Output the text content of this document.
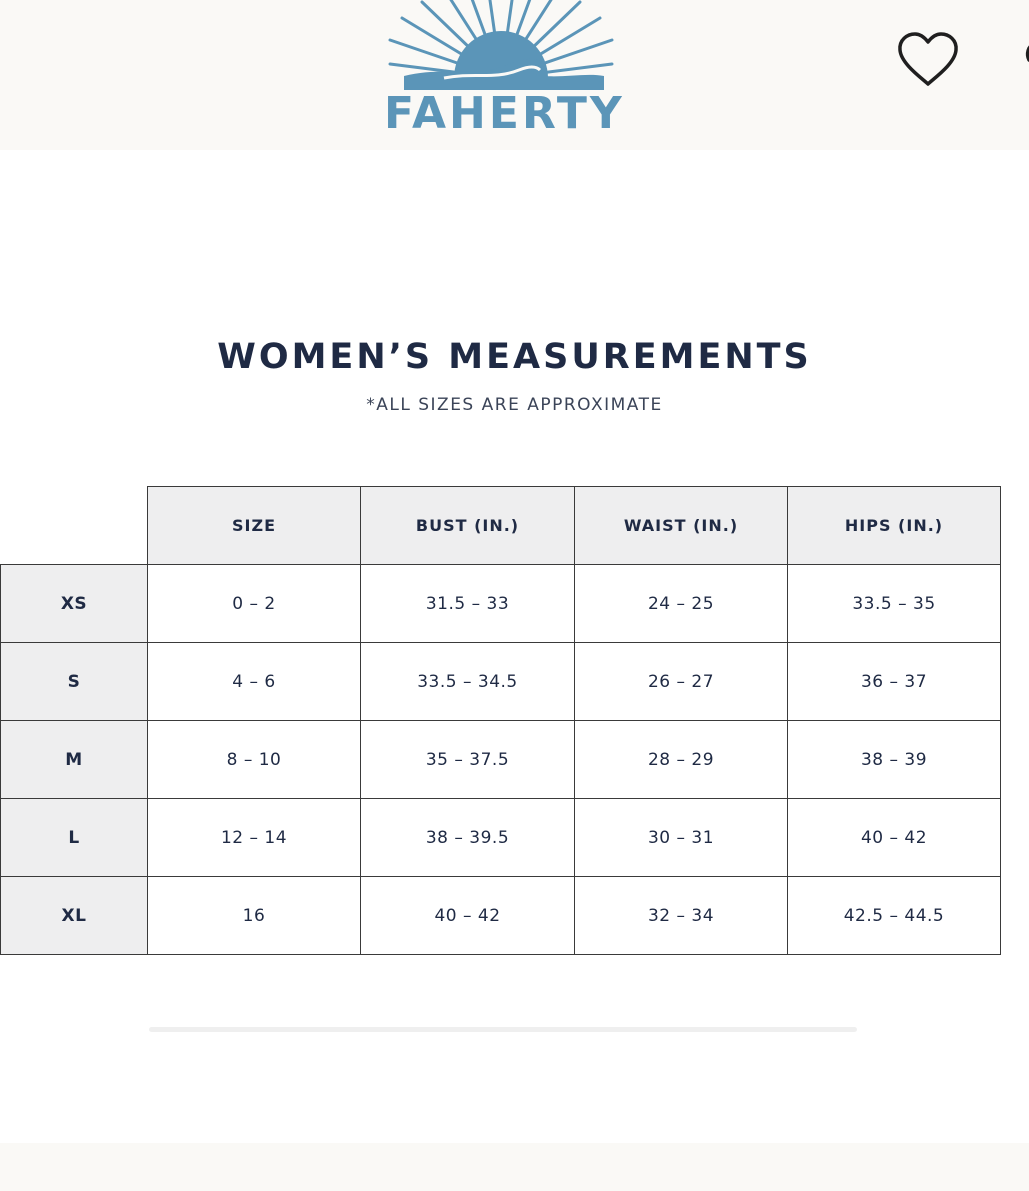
FAHERTY
WOMEN’S MEASUREMENTS
*ALL SIZES ARE APPROXIMATE
	SIZE	BUST (IN.)	WAIST (IN.)	HIPS (IN.)
XS	0 – 2	31.5 – 33	24 – 25	33.5 – 35
S	4 – 6	33.5 – 34.5	26 – 27	36 – 37
M	8 – 10	35 – 37.5	28 – 29	38 – 39
L	12 – 14	38 – 39.5	30 – 31	40 – 42
XL	16	40 – 42	32 – 34	42.5 – 44.5
